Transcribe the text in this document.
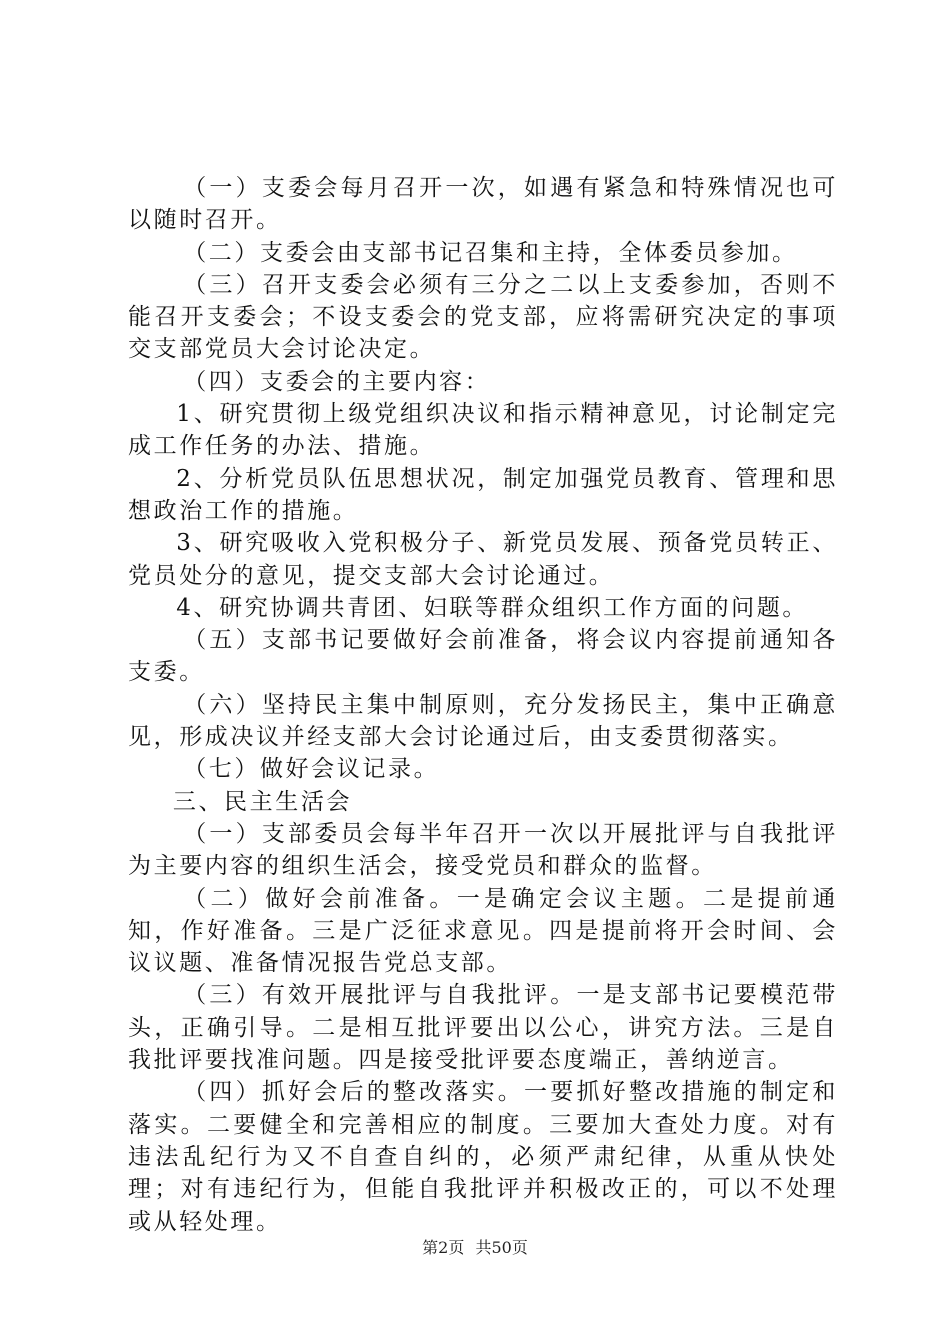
（一）支委会每月召开一次，如遇有紧急和特殊情况也可以随时召开。

（二）支委会由支部书记召集和主持，全体委员参加。

（三）召开支委会必须有三分之二以上支委参加，否则不能召开支委会；不设支委会的党支部，应将需研究决定的事项交支部党员大会讨论决定。

（四）支委会的主要内容：

1、研究贯彻上级党组织决议和指示精神意见，讨论制定完成工作任务的办法、措施。

2、分析党员队伍思想状况，制定加强党员教育、管理和思想政治工作的措施。

3、研究吸收入党积极分子、新党员发展、预备党员转正、党员处分的意见，提交支部大会讨论通过。

4、研究协调共青团、妇联等群众组织工作方面的问题。

（五）支部书记要做好会前准备，将会议内容提前通知各支委。

（六）坚持民主集中制原则，充分发扬民主，集中正确意见，形成决议并经支部大会讨论通过后，由支委贯彻落实。

（七）做好会议记录。

三、民主生活会

（一）支部委员会每半年召开一次以开展批评与自我批评为主要内容的组织生活会，接受党员和群众的监督。

（二）做好会前准备。一是确定会议主题。二是提前通知，作好准备。三是广泛征求意见。四是提前将开会时间、会议议题、准备情况报告党总支部。

（三）有效开展批评与自我批评。一是支部书记要模范带头，正确引导。二是相互批评要出以公心，讲究方法。三是自我批评要找准问题。四是接受批评要态度端正，善纳逆言。

（四）抓好会后的整改落实。一要抓好整改措施的制定和落实。二要健全和完善相应的制度。三要加大查处力度。对有违法乱纪行为又不自查自纠的，必须严肃纪律，从重从快处理；对有违纪行为，但能自我批评并积极改正的，可以不处理或从轻处理。

第2页 共50页
